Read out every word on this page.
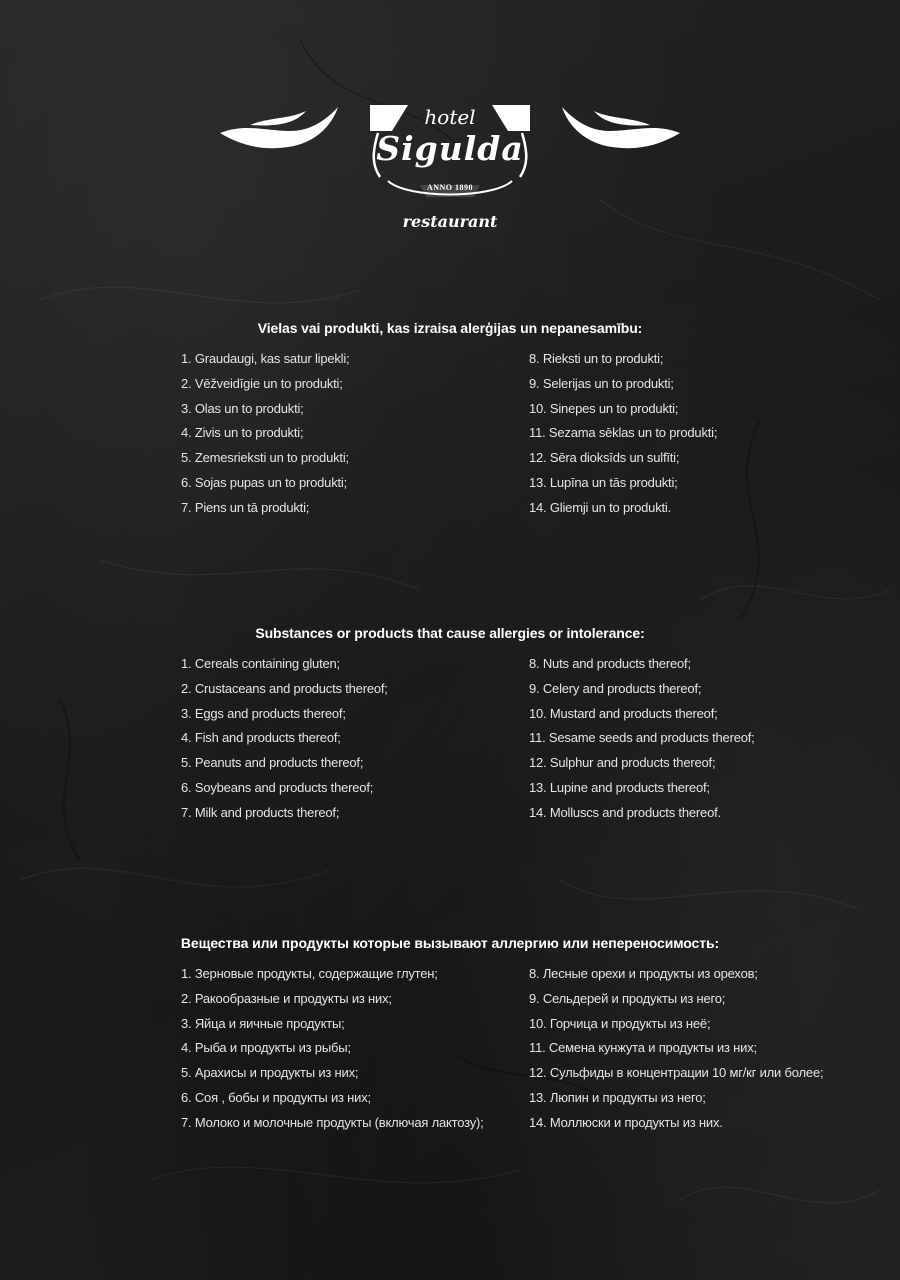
hotel
Sigulda
ANNO 1890
restaurant
Vielas vai produkti, kas izraisa alerģijas un nepanesamību:
1. Graudaugi, kas satur lipekli;
2. Vēžveidīgie un to produkti;
3. Olas un to produkti;
4. Zivis un to produkti;
5. Zemesrieksti un to produkti;
6. Sojas pupas un to produkti;
7. Piens un tā produkti;
8. Rieksti un to produkti;
9. Selerijas un to produkti;
10. Sinepes un to produkti;
11. Sezama sēklas un to produkti;
12. Sēra dioksīds un sulfīti;
13. Lupīna un tās produkti;
14. Gliemji un to produkti.
Substances or products that cause allergies or intolerance:
1. Cereals containing gluten;
2. Crustaceans and products thereof;
3. Eggs and products thereof;
4. Fish and products thereof;
5. Peanuts and products thereof;
6. Soybeans and products thereof;
7. Milk and products thereof;
8. Nuts and products thereof;
9. Celery and products thereof;
10. Mustard and products thereof;
11. Sesame seeds and products thereof;
12. Sulphur and products thereof;
13. Lupine and products thereof;
14. Molluscs and products thereof.
Вещества или продукты которые вызывают аллергию или непереносимость:
1. Зерновые продукты, содержащие глутен;
2. Ракообразные и продукты из них;
3. Яйца и яичные продукты;
4. Рыба и продукты из рыбы;
5. Арахисы и продукты из них;
6. Соя , бобы и продукты из них;
7. Молоко и молочные продукты (включая лактозу);
8. Лесные орехи и продукты из орехов;
9. Сельдерей и продукты из него;
10. Горчица и продукты из неё;
11. Семена кунжута и продукты из них;
12. Сульфиды в концентрации 10 мг/кг или более;
13. Люпин и продукты из него;
14. Моллюски и продукты из них.
